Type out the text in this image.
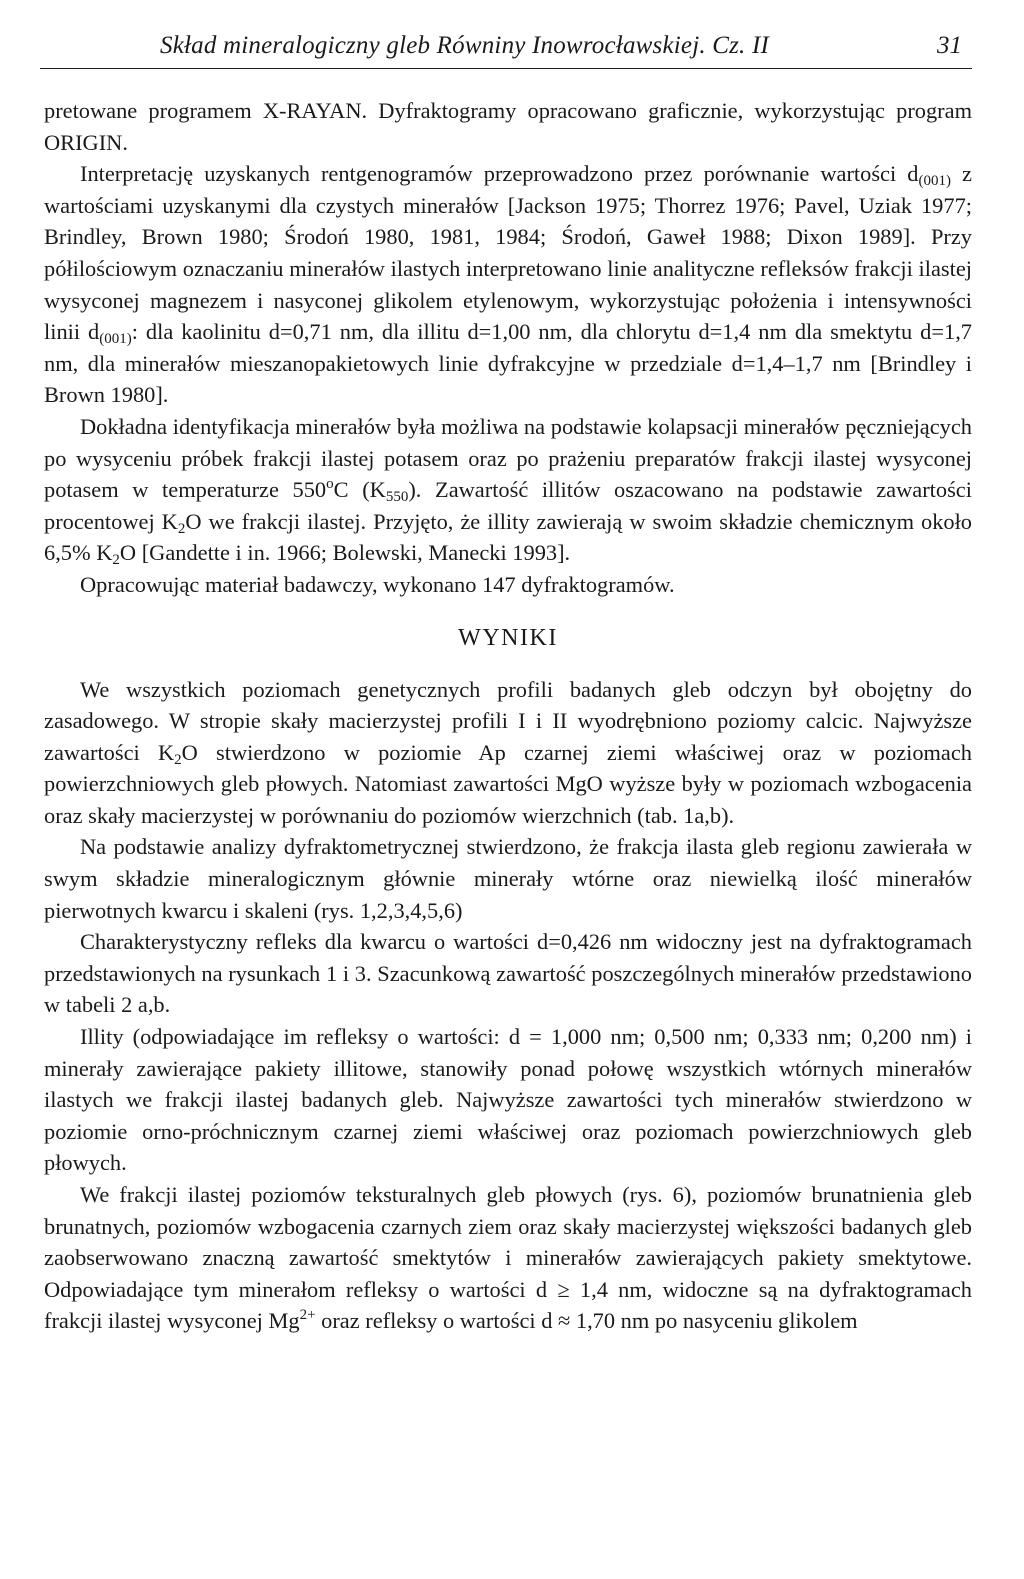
Skład mineralogiczny gleb Równiny Inowrocławskiej. Cz. II	31

pretowane programem X-RAYAN. Dyfraktogramy opracowano graficznie, wykorzystując program ORIGIN.

Interpretację uzyskanych rentgenogramów przeprowadzono przez porównanie wartości $d_{(001)}$ z wartościami uzyskanymi dla czystych minerałów [Jackson 1975; Thorrez 1976; Pavel, Uziak 1977; Brindley, Brown 1980; Środoń 1980, 1981, 1984; Środoń, Gaweł 1988; Dixon 1989]. Przy półilościowym oznaczaniu minerałów ilastych interpretowano linie analityczne refleksów frakcji ilastej wysyconej magnezem i nasyconej glikolem etylenowym, wykorzystując położenia i intensywności linii $d_{(001)}$: dla kaolinitu d=0,71 nm, dla illitu d=1,00 nm, dla chlorytu d=1,4 nm dla smektytu d=1,7 nm, dla minerałów mieszanopakietowych linie dyfrakcyjne w przedziale d=1,4–1,7 nm [Brindley i Brown 1980].

Dokładna identyfikacja minerałów była możliwa na podstawie kolapsacji minerałów pęczniejących po wysyceniu próbek frakcji ilastej potasem oraz po prażeniu preparatów frakcji ilastej wysyconej potasem w temperaturze 550$^o$C $(K_{550})$. Zawartość illitów oszacowano na podstawie zawartości procentowej $K_2O$ we frakcji ilastej. Przyjęto, że illity zawierają w swoim składzie chemicznym około 6,5% $K_2O$ [Gandette i in. 1966; Bolewski, Manecki 1993].

Opracowując materiał badawczy, wykonano 147 dyfraktogramów.

WYNIKI

We wszystkich poziomach genetycznych profili badanych gleb odczyn był obojętny do zasadowego. W stropie skały macierzystej profili I i II wyodrębniono poziomy calcic. Najwyższe zawartości $K_2O$ stwierdzono w poziomie Ap czarnej ziemi właściwej oraz w poziomach powierzchniowych gleb płowych. Natomiast zawartości MgO wyższe były w poziomach wzbogacenia oraz skały macierzystej w porównaniu do poziomów wierzchnich (tab. 1a,b).

Na podstawie analizy dyfraktometrycznej stwierdzono, że frakcja ilasta gleb regionu zawierała w swym składzie mineralogicznym głównie minerały wtórne oraz niewielką ilość minerałów pierwotnych kwarcu i skaleni (rys. 1,2,3,4,5,6)

Charakterystyczny refleks dla kwarcu o wartości d=0,426 nm widoczny jest na dyfraktogramach przedstawionych na rysunkach 1 i 3. Szacunkową zawartość poszczególnych minerałów przedstawiono w tabeli 2 a,b.

Illity (odpowiadające im refleksy o wartości: d = 1,000 nm; 0,500 nm; 0,333 nm; 0,200 nm) i minerały zawierające pakiety illitowe, stanowiły ponad połowę wszystkich wtórnych minerałów ilastych we frakcji ilastej badanych gleb. Najwyższe zawartości tych minerałów stwierdzono w poziomie orno-próchnicznym czarnej ziemi właściwej oraz poziomach powierzchniowych gleb płowych.

We frakcji ilastej poziomów teksturalnych gleb płowych (rys. 6), poziomów brunatnienia gleb brunatnych, poziomów wzbogacenia czarnych ziem oraz skały macierzystej większości badanych gleb zaobserwowano znaczną zawartość smektytów i minerałów zawierających pakiety smektytowe. Odpowiadające tym minerałom refleksy o wartości d ≥ 1,4 nm, widoczne są na dyfraktogramach frakcji ilastej wysyconej $Mg^{2+}$ oraz refleksy o wartości d ≈ 1,70 nm po nasyceniu glikolem
